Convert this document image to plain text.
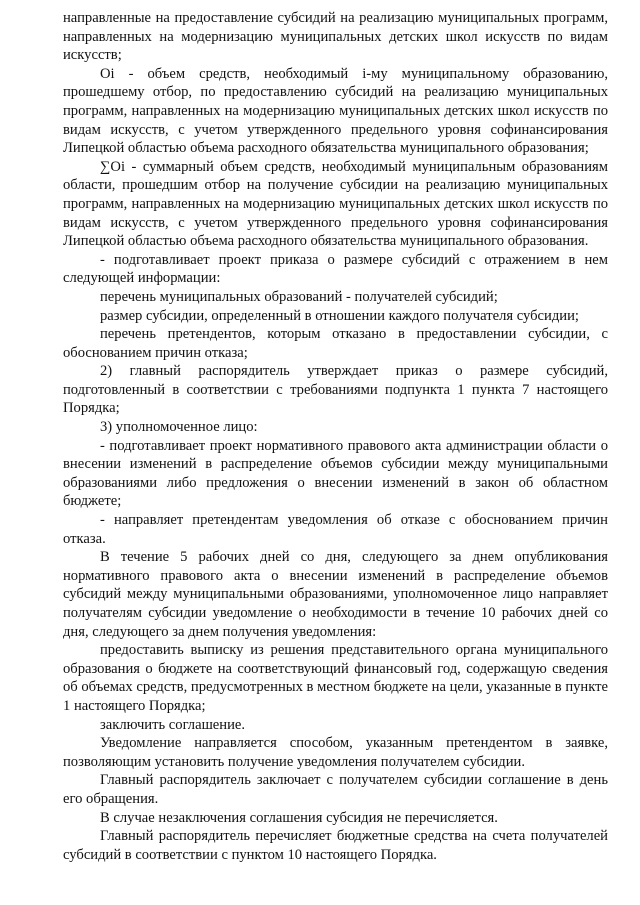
направленные на предоставление субсидий на реализацию муниципальных программ, направленных на модернизацию муниципальных детских школ искусств по видам искусств;

Oi - объем средств, необходимый i-му муниципальному образованию, прошедшему отбор, по предоставлению субсидий на реализацию муниципальных программ, направленных на модернизацию муниципальных детских школ искусств по видам искусств, с учетом утвержденного предельного уровня софинансирования Липецкой областью объема расходного обязательства муниципального образования;

∑Oi - суммарный объем средств, необходимый муниципальным образованиям области, прошедшим отбор на получение субсидии на реализацию муниципальных программ, направленных на модернизацию муниципальных детских школ искусств по видам искусств, с учетом утвержденного предельного уровня софинансирования Липецкой областью объема расходного обязательства муниципального образования.

- подготавливает проект приказа о размере субсидий с отражением в нем следующей информации:

перечень муниципальных образований - получателей субсидий;

размер субсидии, определенный в отношении каждого получателя субсидии;

перечень претендентов, которым отказано в предоставлении субсидии, с обоснованием причин отказа;

2) главный распорядитель утверждает приказ о размере субсидий, подготовленный в соответствии с требованиями подпункта 1 пункта 7 настоящего Порядка;

3) уполномоченное лицо:

- подготавливает проект нормативного правового акта администрации области о внесении изменений в распределение объемов субсидии между муниципальными образованиями либо предложения о внесении изменений в закон об областном бюджете;

- направляет претендентам уведомления об отказе с обоснованием причин отказа.

В течение 5 рабочих дней со дня, следующего за днем опубликования нормативного правового акта о внесении изменений в распределение объемов субсидий между муниципальными образованиями, уполномоченное лицо направляет получателям субсидии уведомление о необходимости в течение 10 рабочих дней со дня, следующего за днем получения уведомления:

предоставить выписку из решения представительного органа муниципального образования о бюджете на соответствующий финансовый год, содержащую сведения об объемах средств, предусмотренных в местном бюджете на цели, указанные в пункте 1 настоящего Порядка;

заключить соглашение.

Уведомление направляется способом, указанным претендентом в заявке, позволяющим установить получение уведомления получателем субсидии.

Главный распорядитель заключает с получателем субсидии соглашение в день его обращения.

В случае незаключения соглашения субсидия не перечисляется.

Главный распорядитель перечисляет бюджетные средства на счета получателей субсидий в соответствии с пунктом 10 настоящего Порядка.
